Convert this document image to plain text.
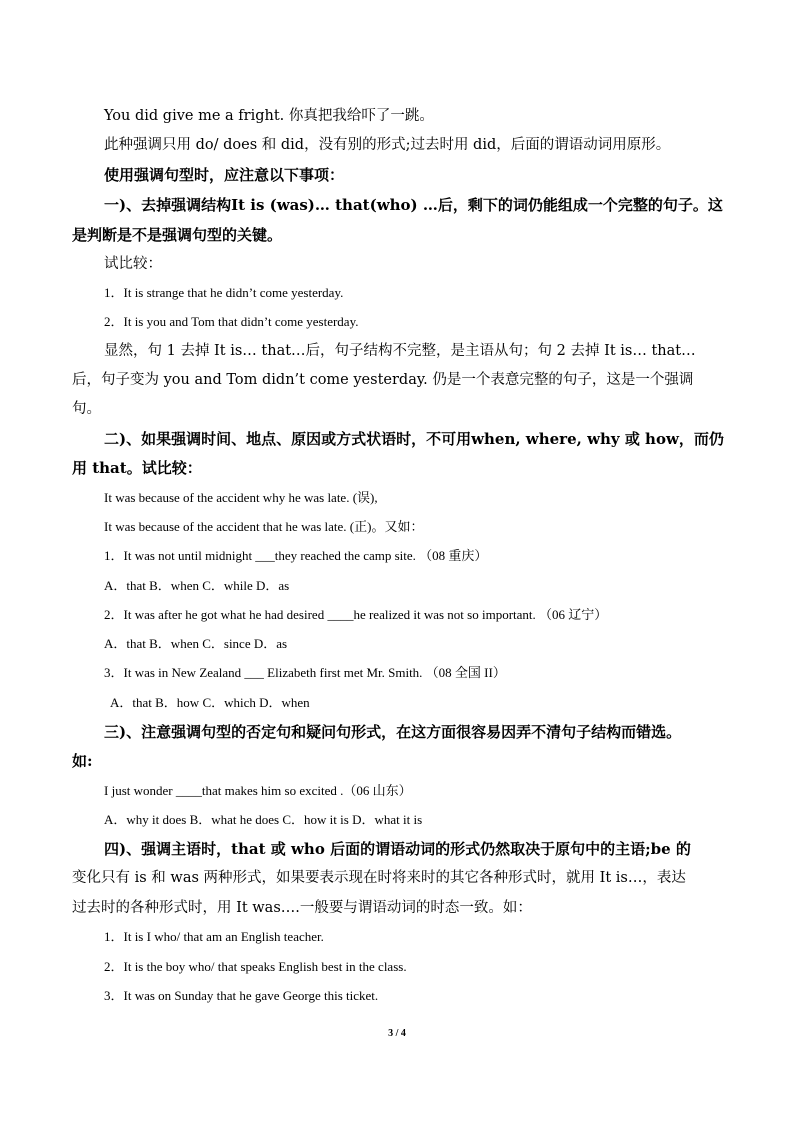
You did give me a fright. 你真把我给吓了一跳。
此种强调只用 do/ does 和 did，没有别的形式;过去时用 did，后面的谓语动词用原形。
使用强调句型时，应注意以下事项：
一)、去掉强调结构It is (was)… that(who) …后，剩下的词仍能组成一个完整的句子。这
是判断是不是强调句型的关键。
试比较：
1．It is strange that he didn’t come yesterday.
2．It is you and Tom that didn’t come yesterday.
显然，句 1 去掉 It is… that…后，句子结构不完整，是主语从句；句 2 去掉 It is… that…
后，句子变为 you and Tom didn’t come yesterday. 仍是一个表意完整的句子，这是一个强调
句。
二)、如果强调时间、地点、原因或方式状语时，不可用when, where, why 或 how，而仍
用 that。试比较：
It was because of the accident why he was late. (误),
It was because of the accident that he was late. (正)。又如：
1．It was not until midnight ___they reached the camp site. （08 重庆）
A．that B．when C．while D．as
2．It was after he got what he had desired ____he realized it was not so important. （06 辽宁）
A．that B．when C．since D．as
3．It was in New Zealand ___ Elizabeth first met Mr. Smith. （08 全国 II）
A．that B．how C．which D．when
三)、注意强调句型的否定句和疑问句形式，在这方面很容易因弄不清句子结构而错选。
如:
I just wonder ____that makes him so excited .（06 山东）
A．why it does B．what he does C．how it is D．what it is
四)、强调主语时，that 或 who 后面的谓语动词的形式仍然取决于原句中的主语;be 的
变化只有 is 和 was 两种形式，如果要表示现在时将来时的其它各种形式时，就用 It is…，表达
过去时的各种形式时，用 It was….一般要与谓语动词的时态一致。如：
1．It is I who/ that am an English teacher.
2．It is the boy who/ that speaks English best in the class.
3．It was on Sunday that he gave George this ticket.
3 / 4
